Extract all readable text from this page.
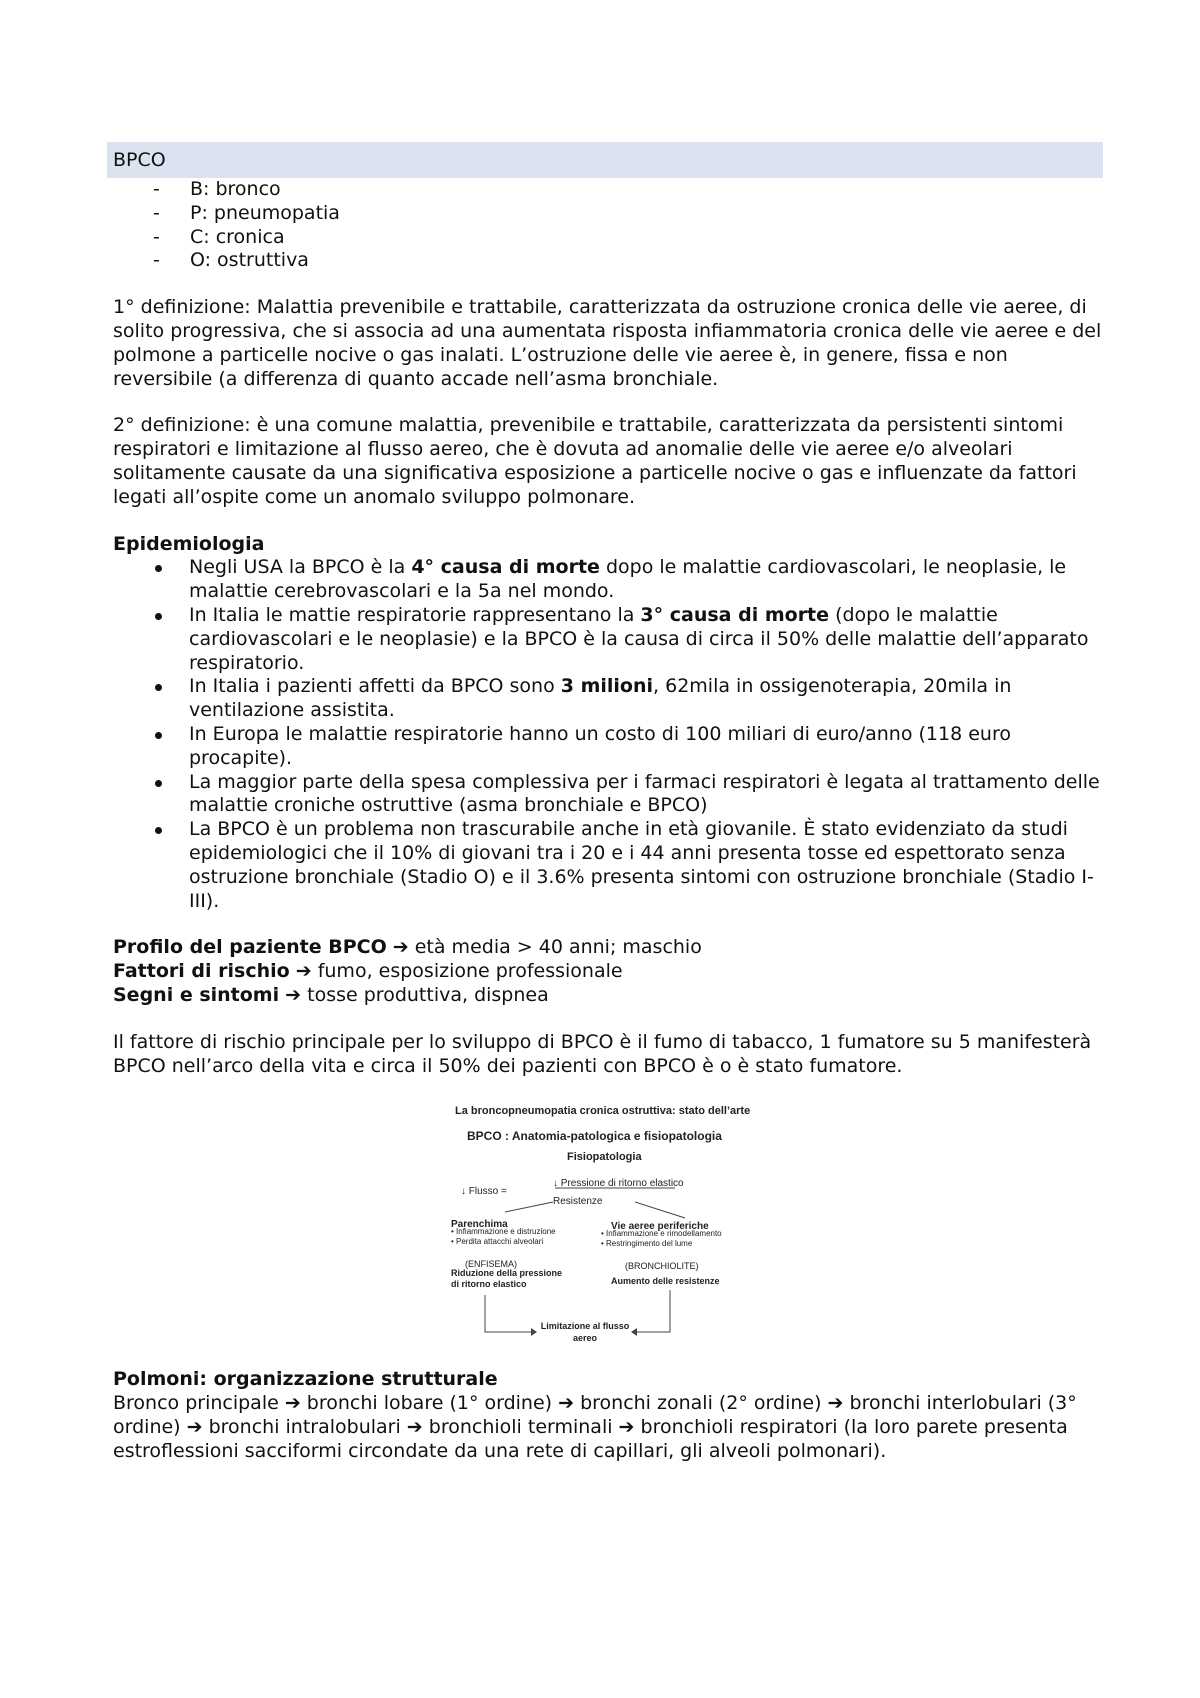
BPCO
- B: bronco
- P: pneumopatia
- C: cronica
- O: ostruttiva

1° definizione: Malattia prevenibile e trattabile, caratterizzata da ostruzione cronica delle vie aeree, di solito progressiva, che si associa ad una aumentata risposta infiammatoria cronica delle vie aeree e del polmone a particelle nocive o gas inalati. L’ostruzione delle vie aeree è, in genere, fissa e non reversibile (a differenza di quanto accade nell’asma bronchiale.

2° definizione: è una comune malattia, prevenibile e trattabile, caratterizzata da persistenti sintomi respiratori e limitazione al flusso aereo, che è dovuta ad anomalie delle vie aeree e/o alveolari solitamente causate da una significativa esposizione a particelle nocive o gas e influenzate da fattori legati all’ospite come un anomalo sviluppo polmonare.

Epidemiologia
Negli USA la BPCO è la 4° causa di morte dopo le malattie cardiovascolari, le neoplasie, le malattie cerebrovascolari e la 5a nel mondo.
In Italia le mattie respiratorie rappresentano la 3° causa di morte (dopo le malattie cardiovascolari e le neoplasie) e la BPCO è la causa di circa il 50% delle malattie dell’apparato respiratorio.
In Italia i pazienti affetti da BPCO sono 3 milioni, 62mila in ossigenoterapia, 20mila in ventilazione assistita.
In Europa le malattie respiratorie hanno un costo di 100 miliari di euro/anno (118 euro procapite).
La maggior parte della spesa complessiva per i farmaci respiratori è legata al trattamento delle malattie croniche ostruttive (asma bronchiale e BPCO)
La BPCO è un problema non trascurabile anche in età giovanile. È stato evidenziato da studi epidemiologici che il 10% di giovani tra i 20 e i 44 anni presenta tosse ed espettorato senza ostruzione bronchiale (Stadio O) e il 3.6% presenta sintomi con ostruzione bronchiale (Stadio I-III).
Profilo del paziente BPCO ➔ età media > 40 anni; maschio
Fattori di rischio ➔ fumo, esposizione professionale
Segni e sintomi ➔ tosse produttiva, dispnea

Il fattore di rischio principale per lo sviluppo di BPCO è il fumo di tabacco, 1 fumatore su 5 manifesterà BPCO nell’arco della vita e circa il 50% dei pazienti con BPCO è o è stato fumatore.

La broncopneumopatia cronica ostruttiva: stato dell’arte
BPCO : Anatomia-patologica e fisiopatologia
Fisiopatologia
↓ Flusso =
↓ Pressione di ritorno elastico
Resistenze
Parenchima
• Infiammazione e distruzione
• Perdita attacchi alveolari
(ENFISEMA)
Riduzione della pressione di ritorno elastico
Vie aeree periferiche
• Infiammazione e rimodellamento
• Restringimento del lume
(BRONCHIOLITE)
Aumento delle resistenze
Limitazione al flusso aereo
Polmoni: organizzazione strutturale

Bronco principale ➔ bronchi lobare (1° ordine) ➔ bronchi zonali (2° ordine) ➔ bronchi interlobulari (3° ordine) ➔ bronchi intralobulari ➔ bronchioli terminali ➔ bronchioli respiratori (la loro parete presenta estroflessioni sacciformi circondate da una rete di capillari, gli alveoli polmonari).
